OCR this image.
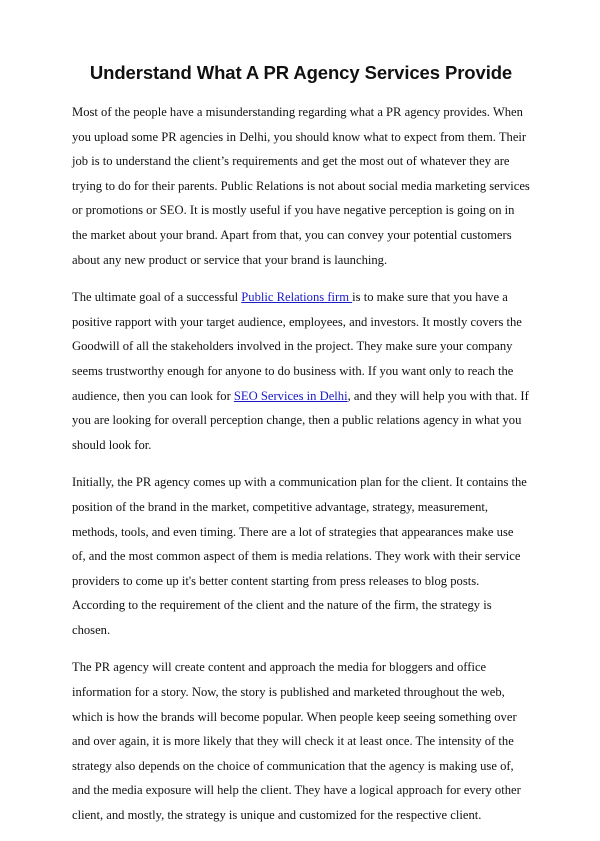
Understand What A PR Agency Services Provide

Most of the people have a misunderstanding regarding what a PR agency provides. When you upload some PR agencies in Delhi, you should know what to expect from them. Their job is to understand the client’s requirements and get the most out of whatever they are trying to do for their parents. Public Relations is not about social media marketing services or promotions or SEO. It is mostly useful if you have negative perception is going on in the market about your brand. Apart from that, you can convey your potential customers about any new product or service that your brand is launching.

The ultimate goal of a successful Public Relations firm is to make sure that you have a positive rapport with your target audience, employees, and investors. It mostly covers the Goodwill of all the stakeholders involved in the project. They make sure your company seems trustworthy enough for anyone to do business with. If you want only to reach the audience, then you can look for SEO Services in Delhi, and they will help you with that. If you are looking for overall perception change, then a public relations agency in what you should look for.

Initially, the PR agency comes up with a communication plan for the client. It contains the position of the brand in the market, competitive advantage, strategy, measurement, methods, tools, and even timing. There are a lot of strategies that appearances make use of, and the most common aspect of them is media relations. They work with their service providers to come up it's better content starting from press releases to blog posts. According to the requirement of the client and the nature of the firm, the strategy is chosen.

The PR agency will create content and approach the media for bloggers and office information for a story. Now, the story is published and marketed throughout the web, which is how the brands will become popular. When people keep seeing something over and over again, it is more likely that they will check it at least once. The intensity of the strategy also depends on the choice of communication that the agency is making use of, and the media exposure will help the client. They have a logical approach for every other client, and mostly, the strategy is unique and customized for the respective client.
